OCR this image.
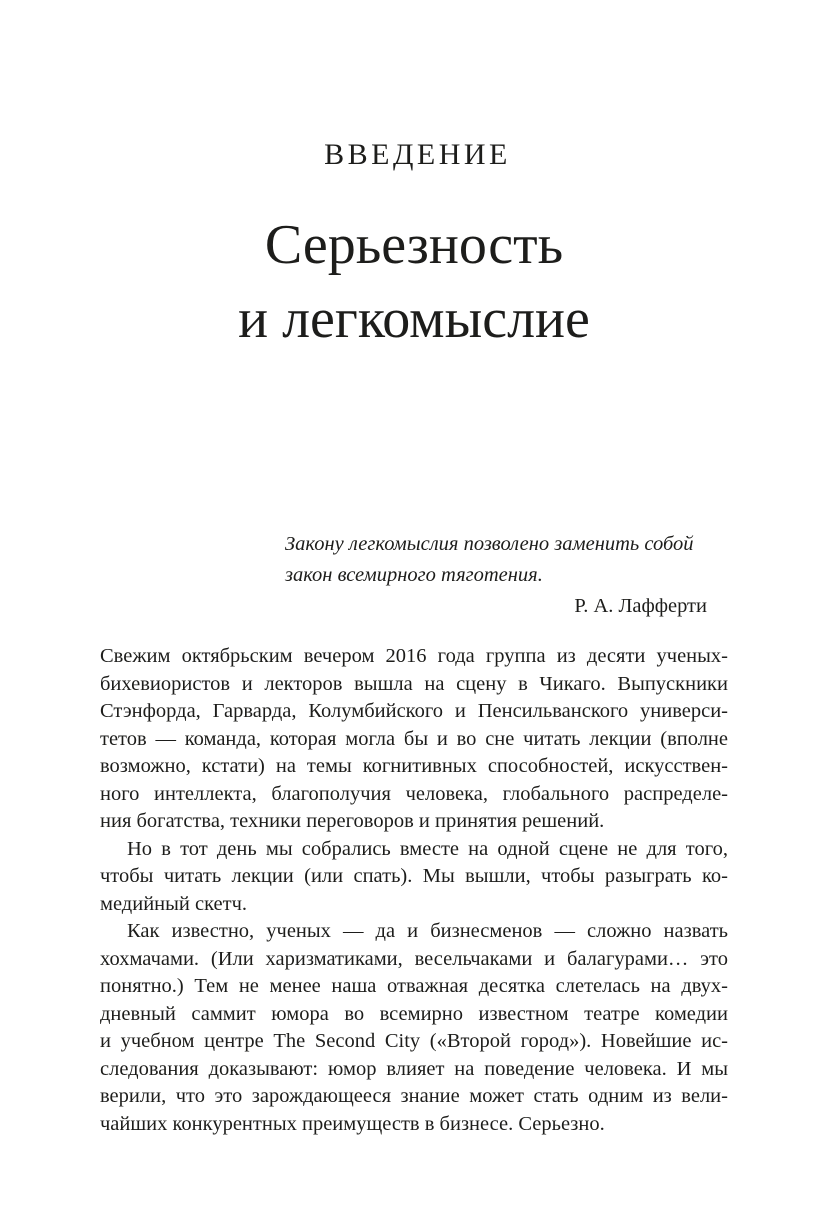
ВВЕДЕНИЕ
Серьезность
и легкомыслие
Закону легкомыслия позволено заменить собой
закон всемирного тяготения.
Р. А. Лафферти

Свежим октябрьским вечером 2016 года группа из десяти ученых-
бихевиористов и лекторов вышла на сцену в Чикаго. Выпускники
Стэнфорда, Гарварда, Колумбийского и Пенсильванского универси-
тетов — команда, которая могла бы и во сне читать лекции (вполне
возможно, кстати) на темы когнитивных способностей, искусствен-
ного интеллекта, благополучия человека, глобального распределе-
ния богатства, техники переговоров и принятия решений.

Но в тот день мы собрались вместе на одной сцене не для того,
чтобы читать лекции (или спать). Мы вышли, чтобы разыграть ко-
медийный скетч.

Как известно, ученых — да и бизнесменов — сложно назвать
хохмачами. (Или харизматиками, весельчаками и балагурами… это
понятно.) Тем не менее наша отважная десятка слетелась на двух-
дневный саммит юмора во всемирно известном театре комедии
и учебном центре The Second City («Второй город»). Новейшие ис-
следования доказывают: юмор влияет на поведение человека. И мы
верили, что это зарождающееся знание может стать одним из вели-
чайших конкурентных преимуществ в бизнесе. Серьезно.
